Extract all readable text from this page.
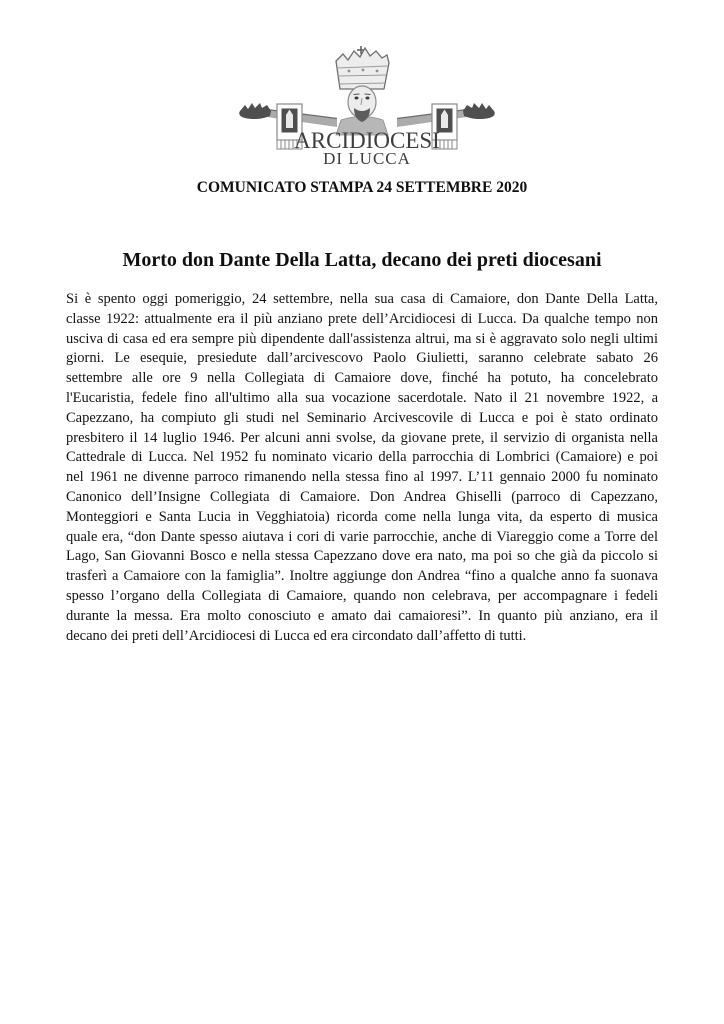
ARCIDIOCESI
DI LUCCA
COMUNICATO STAMPA 24 SETTEMBRE 2020
Morto don Dante Della Latta, decano dei preti diocesani
Si è spento oggi pomeriggio, 24 settembre, nella sua casa di Camaiore, don Dante Della Latta,
classe 1922: attualmente era il più anziano prete dell’Arcidiocesi di Lucca. Da qualche tempo non
usciva di casa ed era sempre più dipendente dall'assistenza altrui, ma si è aggravato solo negli ultimi
giorni. Le esequie, presiedute dall’arcivescovo Paolo Giulietti, saranno celebrate sabato 26
settembre alle ore 9 nella Collegiata di Camaiore dove, finché ha potuto, ha concelebrato
l'Eucaristia, fedele fino all'ultimo alla sua vocazione sacerdotale. Nato il 21 novembre 1922, a
Capezzano, ha compiuto gli studi nel Seminario Arcivescovile di Lucca e poi è stato ordinato
presbitero il 14 luglio 1946. Per alcuni anni svolse, da giovane prete, il servizio di organista nella
Cattedrale di Lucca. Nel 1952 fu nominato vicario della parrocchia di Lombrici (Camaiore) e poi
nel 1961 ne divenne parroco rimanendo nella stessa fino al 1997. L’11 gennaio 2000 fu nominato
Canonico dell’Insigne Collegiata di Camaiore. Don Andrea Ghiselli (parroco di Capezzano,
Monteggiori e Santa Lucia in Vegghiatoia) ricorda come nella lunga vita, da esperto di musica
quale era, “don Dante spesso aiutava i cori di varie parrocchie, anche di Viareggio come a Torre del
Lago, San Giovanni Bosco e nella stessa Capezzano dove era nato, ma poi so che già da piccolo si
trasferì a Camaiore con la famiglia”. Inoltre aggiunge don Andrea “fino a qualche anno fa suonava
spesso l’organo della Collegiata di Camaiore, quando non celebrava, per accompagnare i fedeli
durante la messa. Era molto conosciuto e amato dai camaioresi”. In quanto più anziano, era il
decano dei preti dell’Arcidiocesi di Lucca ed era circondato dall’affetto di tutti.
